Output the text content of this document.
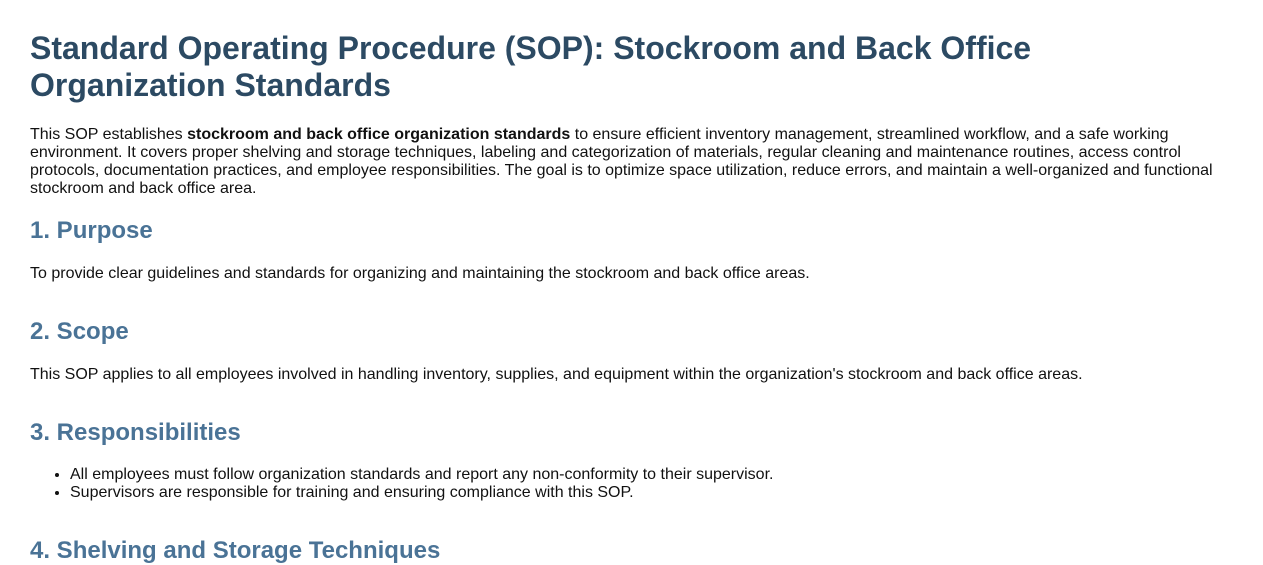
Standard Operating Procedure (SOP): Stockroom and Back Office Organization Standards

This SOP establishes stockroom and back office organization standards to ensure efficient inventory management, streamlined workflow, and a safe working environment. It covers proper shelving and storage techniques, labeling and categorization of materials, regular cleaning and maintenance routines, access control protocols, documentation practices, and employee responsibilities. The goal is to optimize space utilization, reduce errors, and maintain a well-organized and functional stockroom and back office area.

1. Purpose

To provide clear guidelines and standards for organizing and maintaining the stockroom and back office areas.

2. Scope

This SOP applies to all employees involved in handling inventory, supplies, and equipment within the organization's stockroom and back office areas.

3. Responsibilities
• All employees must follow organization standards and report any non-conformity to their supervisor.
• Supervisors are responsible for training and ensuring compliance with this SOP.
4. Shelving and Storage Techniques
